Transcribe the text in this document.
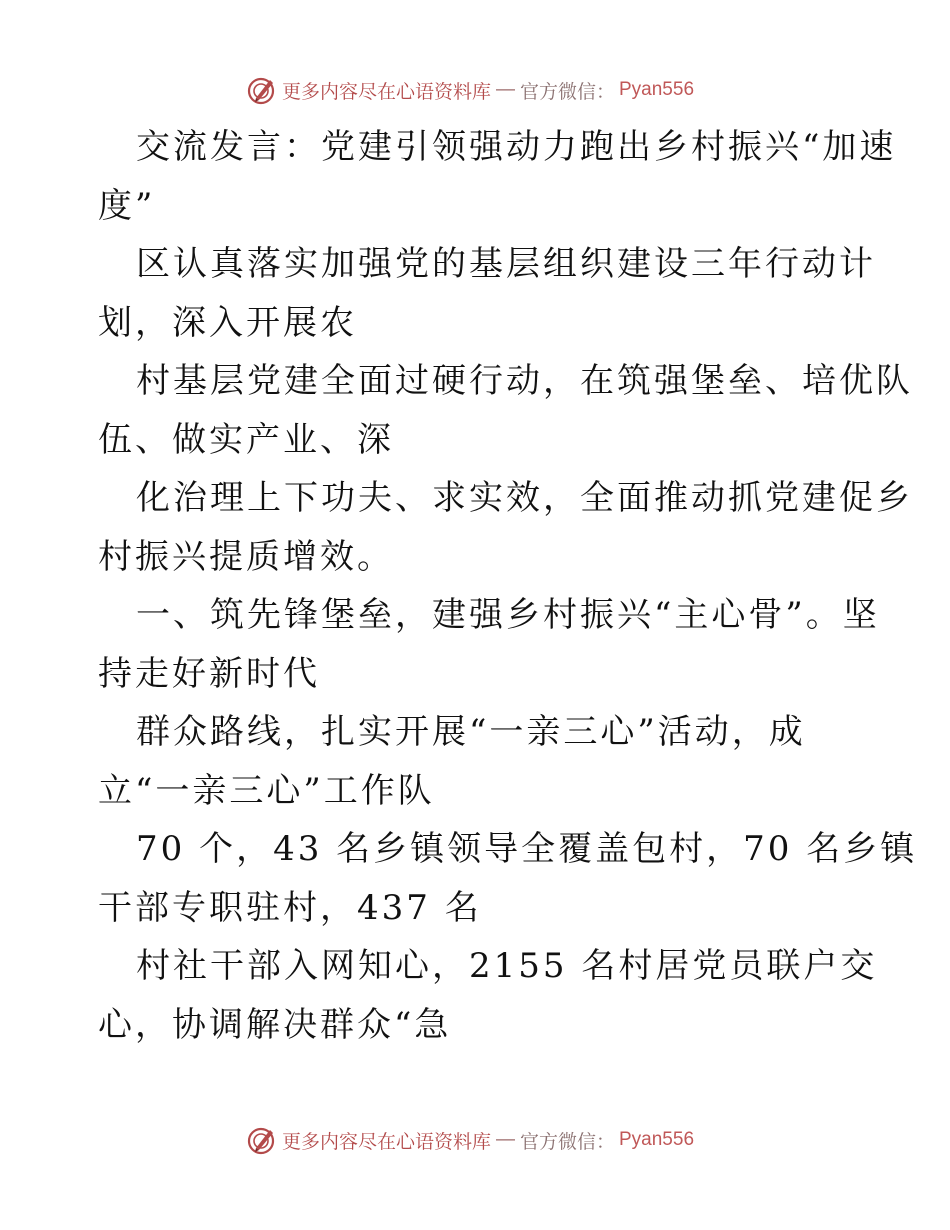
更多内容尽在心语资料库 — 官方微信： Pyan556
交流发言：党建引领强动力跑出乡村振兴“加速
度”
区认真落实加强党的基层组织建设三年行动计
划，深入开展农
村基层党建全面过硬行动，在筑强堡垒、培优队
伍、做实产业、深
化治理上下功夫、求实效，全面推动抓党建促乡
村振兴提质增效。
一、筑先锋堡垒，建强乡村振兴“主心骨”。坚
持走好新时代
群众路线，扎实开展“一亲三心”活动，成
立“一亲三心”工作队
70 个，43 名乡镇领导全覆盖包村，70 名乡镇
干部专职驻村，437 名
村社干部入网知心，2155 名村居党员联户交
心，协调解决群众“急
更多内容尽在心语资料库 — 官方微信： Pyan556
